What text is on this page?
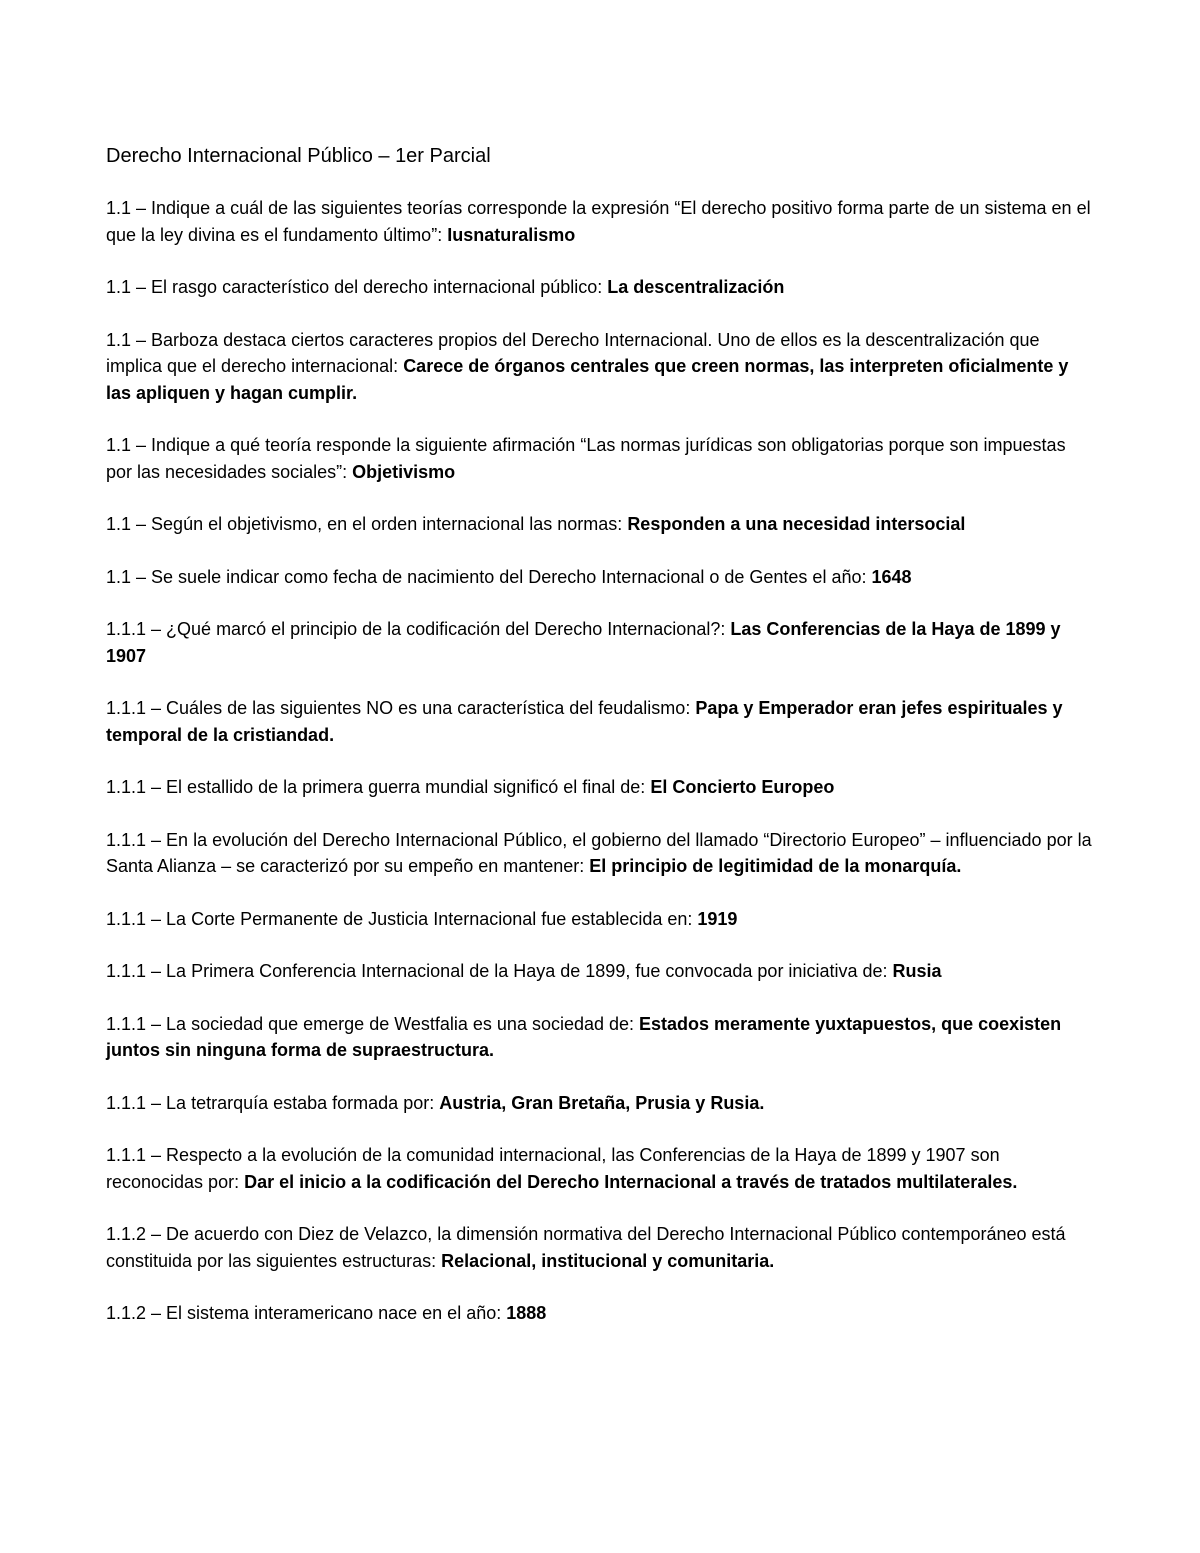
Derecho Internacional Público – 1er Parcial

1.1 – Indique a cuál de las siguientes teorías corresponde la expresión “El derecho positivo forma parte de un sistema en el que la ley divina es el fundamento último”: Iusnaturalismo

1.1 – El rasgo característico del derecho internacional público: La descentralización

1.1 – Barboza destaca ciertos caracteres propios del Derecho Internacional. Uno de ellos es la descentralización que implica que el derecho internacional: Carece de órganos centrales que creen normas, las interpreten oficialmente y las apliquen y hagan cumplir.

1.1 – Indique a qué teoría responde la siguiente afirmación “Las normas jurídicas son obligatorias porque son impuestas por las necesidades sociales”: Objetivismo

1.1 – Según el objetivismo, en el orden internacional las normas: Responden a una necesidad intersocial

1.1 – Se suele indicar como fecha de nacimiento del Derecho Internacional o de Gentes el año: 1648

1.1.1 – ¿Qué marcó el principio de la codificación del Derecho Internacional?: Las Conferencias de la Haya de 1899 y 1907

1.1.1 – Cuáles de las siguientes NO es una característica del feudalismo: Papa y Emperador eran jefes espirituales y temporal de la cristiandad.

1.1.1 – El estallido de la primera guerra mundial significó el final de: El Concierto Europeo

1.1.1 – En la evolución del Derecho Internacional Público, el gobierno del llamado “Directorio Europeo” – influenciado por la Santa Alianza – se caracterizó por su empeño en mantener: El principio de legitimidad de la monarquía.

1.1.1 – La Corte Permanente de Justicia Internacional fue establecida en: 1919

1.1.1 – La Primera Conferencia Internacional de la Haya de 1899, fue convocada por iniciativa de: Rusia

1.1.1 – La sociedad que emerge de Westfalia es una sociedad de: Estados meramente yuxtapuestos, que coexisten juntos sin ninguna forma de supraestructura.

1.1.1 – La tetrarquía estaba formada por: Austria, Gran Bretaña, Prusia y Rusia.

1.1.1 – Respecto a la evolución de la comunidad internacional, las Conferencias de la Haya de 1899 y 1907 son reconocidas por: Dar el inicio a la codificación del Derecho Internacional a través de tratados multilaterales.

1.1.2 – De acuerdo con Diez de Velazco, la dimensión normativa del Derecho Internacional Público contemporáneo está constituida por las siguientes estructuras: Relacional, institucional y comunitaria.

1.1.2 – El sistema interamericano nace en el año: 1888
